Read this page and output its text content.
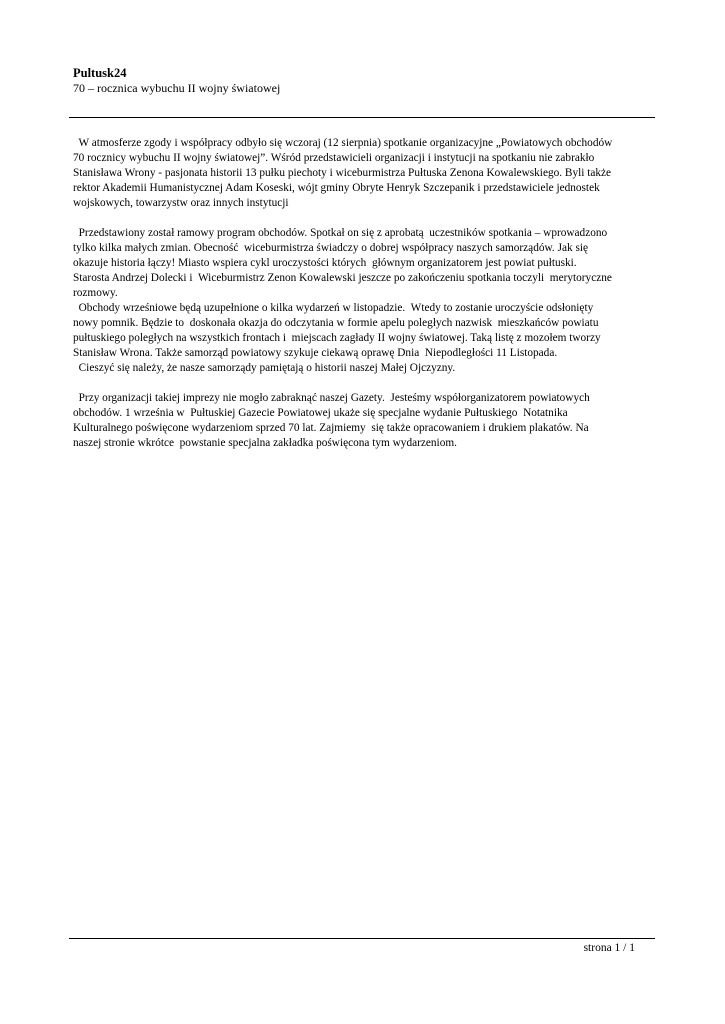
Pultusk24

70 – rocznica wybuchu II wojny światowej

W atmosferze zgody i współpracy odbyło się wczoraj (12 sierpnia) spotkanie organizacyjne „Powiatowych obchodów
70 rocznicy wybuchu II wojny światowej”. Wśród przedstawicieli organizacji i instytucji na spotkaniu nie zabrakło
Stanisława Wrony - pasjonata historii 13 pułku piechoty i wiceburmistrza Pułtuska Zenona Kowalewskiego. Byli także
rektor Akademii Humanistycznej Adam Koseski, wójt gminy Obryte Henryk Szczepanik i przedstawiciele jednostek
wojskowych, towarzystw oraz innych instytucji
Przedstawiony został ramowy program obchodów. Spotkał on się z aprobatą  uczestników spotkania – wprowadzono
tylko kilka małych zmian. Obecność  wiceburmistrza świadczy o dobrej współpracy naszych samorządów. Jak się
okazuje historia łączy! Miasto wspiera cykl uroczystości których  głównym organizatorem jest powiat pułtuski.
Starosta Andrzej Dolecki i  Wiceburmistrz Zenon Kowalewski jeszcze po zakończeniu spotkania toczyli  merytoryczne
rozmowy.
Obchody wrześniowe będą uzupełnione o kilka wydarzeń w listopadzie.  Wtedy to zostanie uroczyście odsłonięty
nowy pomnik. Będzie to  doskonała okazja do odczytania w formie apelu poległych nazwisk  mieszkańców powiatu
pułtuskiego poległych na wszystkich frontach i  miejscach zagłady II wojny światowej. Taką listę z mozołem tworzy
Stanisław Wrona. Także samorząd powiatowy szykuje ciekawą oprawę Dnia  Niepodległości 11 Listopada.
Cieszyć się należy, że nasze samorządy pamiętają o historii naszej Małej Ojczyzny.
Przy organizacji takiej imprezy nie mogło zabraknąć naszej Gazety.  Jesteśmy współorganizatorem powiatowych
obchodów. 1 września w  Pułtuskiej Gazecie Powiatowej ukaże się specjalne wydanie Pułtuskiego  Notatnika
Kulturalnego poświęcone wydarzeniom sprzed 70 lat. Zajmiemy  się także opracowaniem i drukiem plakatów. Na
naszej stronie wkrótce  powstanie specjalna zakładka poświęcona tym wydarzeniom.
strona 1 / 1
